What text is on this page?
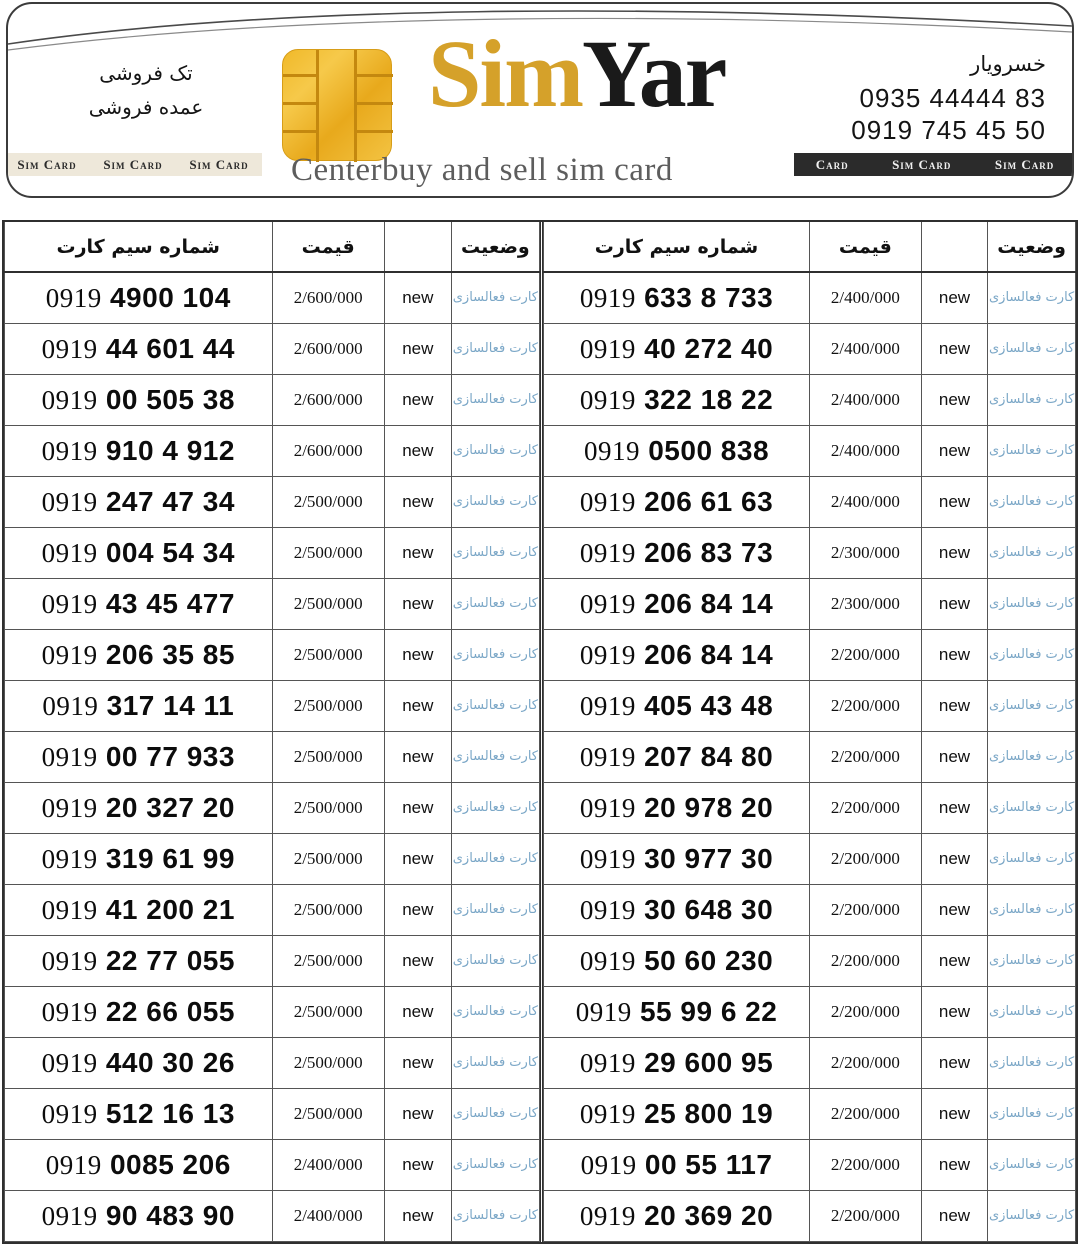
تک فروشی
عمده فروشی	SimYar
Centerbuy and sell sim card
خسرویار
0935 44444 83
0919 745 45 50
Sim Card Sim Card Sim Card	Card	Sim Card	Sim Card
شماره سیم کارت	قیمت		وضعیت
0919 4900 104	2/600/000	new	کارت فعالسازی
0919 44 601 44	2/600/000	new	کارت فعالسازی
0919 00 505 38	2/600/000	new	کارت فعالسازی
0919 910 4 912	2/600/000	new	کارت فعالسازی
0919 247 47 34	2/500/000	new	کارت فعالسازی
0919 004 54 34	2/500/000	new	کارت فعالسازی
0919 43 45 477	2/500/000	new	کارت فعالسازی
0919 206 35 85	2/500/000	new	کارت فعالسازی
0919 317 14 11	2/500/000	new	کارت فعالسازی
0919 00 77 933	2/500/000	new	کارت فعالسازی
0919 20 327 20	2/500/000	new	کارت فعالسازی
0919 319 61 99	2/500/000	new	کارت فعالسازی
0919 41 200 21	2/500/000	new	کارت فعالسازی
0919 22 77 055	2/500/000	new	کارت فعالسازی
0919 22 66 055	2/500/000	new	کارت فعالسازی
0919 440 30 26	2/500/000	new	کارت فعالسازی
0919 512 16 13	2/500/000	new	کارت فعالسازی
0919 0085 206	2/400/000	new	کارت فعالسازی
0919 90 483 90	2/400/000	new	کارت فعالسازی
شماره سیم کارت	قیمت		وضعیت
0919 633 8 733	2/400/000	new	کارت فعالسازی
0919 40 272 40	2/400/000	new	کارت فعالسازی
0919 322 18 22	2/400/000	new	کارت فعالسازی
0919 0500 838	2/400/000	new	کارت فعالسازی
0919 206 61 63	2/400/000	new	کارت فعالسازی
0919 206 83 73	2/300/000	new	کارت فعالسازی
0919 206 84 14	2/300/000	new	کارت فعالسازی
0919 206 84 14	2/200/000	new	کارت فعالسازی
0919 405 43 48	2/200/000	new	کارت فعالسازی
0919 207 84 80	2/200/000	new	کارت فعالسازی
0919 20 978 20	2/200/000	new	کارت فعالسازی
0919 30 977 30	2/200/000	new	کارت فعالسازی
0919 30 648 30	2/200/000	new	کارت فعالسازی
0919 50 60 230	2/200/000	new	کارت فعالسازی
0919 55 99 6 22	2/200/000	new	کارت فعالسازی
0919 29 600 95	2/200/000	new	کارت فعالسازی
0919 25 800 19	2/200/000	new	کارت فعالسازی
0919 00 55 117	2/200/000	new	کارت فعالسازی
0919 20 369 20	2/200/000	new	کارت فعالسازی
